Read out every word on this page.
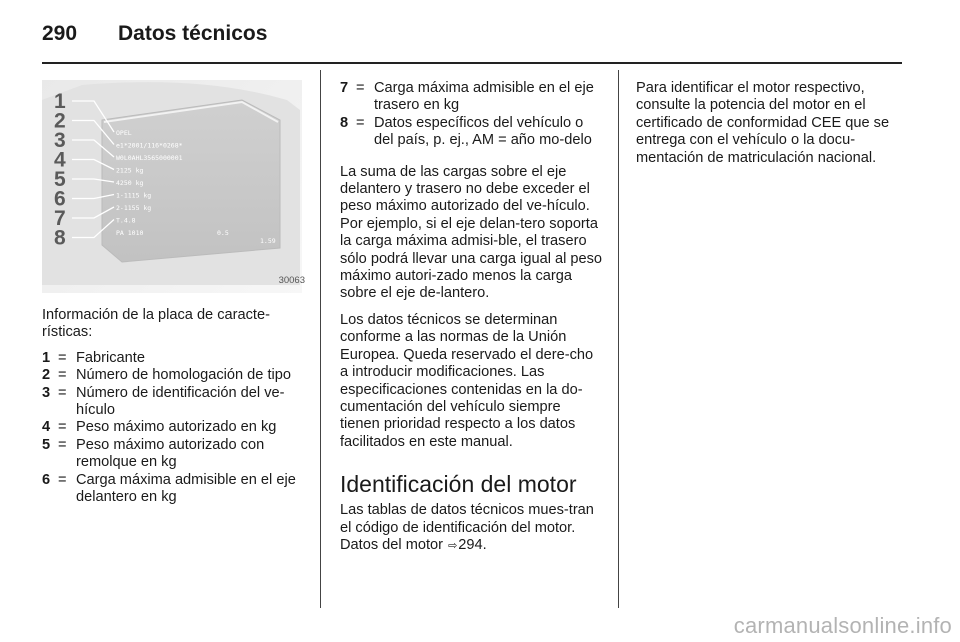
290 Datos técnicos
1
2
3
4
5
6
7
8
OPEL
e1*2001/116*0268*
W0L0AHL3565000001
2125 kg
4250 kg
1-1115 kg
2-1155 kg
T.4.8
PA 1010	0.5
1.59
30063

Información de la placa de caracte-
rísticas:

1 = Fabricante
2 = Número de homologación de tipo
3 = Número de identificación del ve-hículo
4 = Peso máximo autorizado en kg
5 = Peso máximo autorizado con remolque en kg
6 = Carga máxima admisible en el eje delantero en kg
7 = Carga máxima admisible en el eje trasero en kg
8 = Datos específicos del vehículo o del país, p. ej., AM = año mo-delo

La suma de las cargas sobre el eje delantero y trasero no debe exceder el peso máximo autorizado del ve-hículo. Por ejemplo, si el eje delan-tero soporta la carga máxima admisi-ble, el trasero sólo podrá llevar una carga igual al peso máximo autori-zado menos la carga sobre el eje de-lantero.

Los datos técnicos se determinan conforme a las normas de la Unión Europea. Queda reservado el dere-cho a introducir modificaciones. Las especificaciones contenidas en la do-cumentación del vehículo siempre tienen prioridad respecto a los datos facilitados en este manual.

Identificación del motor

Las tablas de datos técnicos mues-tran el código de identificación del motor. Datos del motor ⇨294.

Para identificar el motor respectivo, consulte la potencia del motor en el certificado de conformidad CEE que se entrega con el vehículo o la docu-mentación de matriculación nacional.

carmanualsonline.info
